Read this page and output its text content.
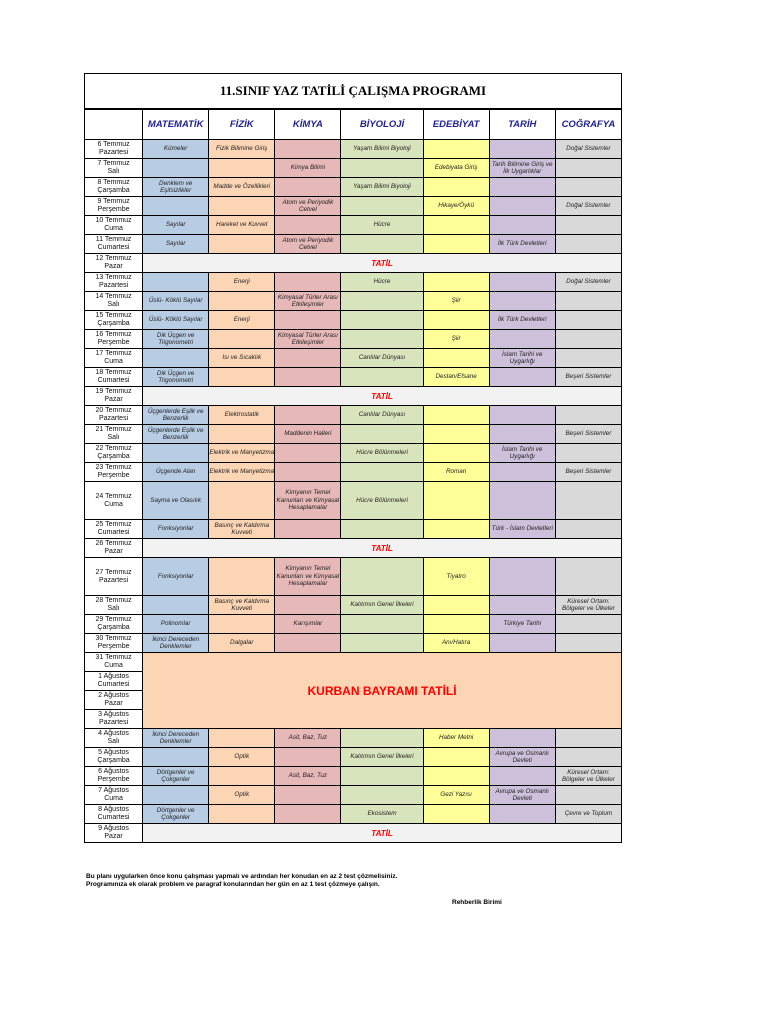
11.SINIF YAZ TATİLİ ÇALIŞMA PROGRAMI
	MATEMATİK	FİZİK	KİMYA	BİYOLOJİ	EDEBİYAT	TARİH	COĞRAFYA

6 Temmuz
Pazartesi	Kümeler	Fizik Bilimine Giriş		Yaşam Bilimi Biyoloji			Doğal Sistemler

7 Temmuz
Salı			Kimya Bilimi		Edebiyata Giriş	Tarih Bilimine Giriş ve İlk Uygarlıklar	

8 Temmuz
Çarşamba	Denklem ve Eşitsizlikler	Madde ve Özellikleri		Yaşam Bilimi Biyoloji			

9 Temmuz
Perşembe			Atom ve Periyodik Cetvel		Hikaye/Öykü		Doğal Sistemler

10 Temmuz
Cuma	Sayılar	Hareket ve Kuvvet		Hücre			

11 Temmuz
Cumartesi	Sayılar		Atom ve Periyodik Cetvel			İlk Türk Devletleri	

12 Temmuz
Pazar	TATİL						

13 Temmuz
Pazartesi		Enerji		Hücre			Doğal Sistemler

14 Temmuz
Salı	Üslü- Köklü Sayılar		Kimyasal Türler Arası Etkileşimler		Şiir		

15 Temmuz
Çarşamba	Üslü- Köklü Sayılar	Enerji				İlk Türk Devletleri	

16 Temmuz
Perşembe	Dik Üçgen ve Trigonometri		Kimyasal Türler Arası Etkileşimler		Şiir		

17 Temmuz
Cuma		Isı ve Sıcaklık		Canlılar Dünyası		İslam Tarihi ve Uygarlığı	

18 Temmuz
Cumartesi	Dik Üçgen ve Trigonometri				Destan/Efsane		Beşeri Sistemler

19 Temmuz
Pazar	TATİL						

20 Temmuz
Pazartesi	Üçgenlerde Eşlik ve Benzerlik	Elektrostatik		Canlılar Dünyası			

21 Temmuz
Salı	Üçgenlerde Eşlik ve Benzerlik		Maddenin Halleri				Beşeri Sistemler

22 Temmuz
Çarşamba		Elektrik ve Manyetizma		Hücre Bölünmeleri		İslam Tarihi ve Uygarlığı	

23 Temmuz
Perşembe	Üçgende Alan	Elektrik ve Manyetizma			Roman		Beşeri Sistemler

24 Temmuz
Cuma	Sayma ve Olasılık		Kimyanın Temel Kanunları ve Kimyasal Hesaplamalar	Hücre Bölünmeleri			

25 Temmuz
Cumartesi	Fonksiyonlar	Basınç ve Kaldırma Kuvveti				Türk - İslam Devletleri	

26 Temmuz
Pazar	TATİL						

27 Temmuz
Pazartesi	Fonksiyonlar		Kimyanın Temel Kanunları ve Kimyasal Hesaplamalar		Tiyatro		

28 Temmuz
Salı		Basınç ve Kaldırma Kuvveti		Kalıtımın Genel İlkeleri			Küresel Ortam: Bölgeler ve Ülkeler

29 Temmuz
Çarşamba	Polinomlar		Karışımlar			Türkiye Tarihi	

30 Temmuz
Perşembe	İkinci Dereceden Denklemler	Dalgalar			Anı/Hatıra		

31 Temmuz
Cuma	KURBAN BAYRAMI TATİLİ						

1 Ağustos
Cumartesi							

2 Ağustos
Pazar							

3 Ağustos
Pazartesi							

4 Ağustos
Salı	İkinci Dereceden Denklemler		Asit, Baz, Tuz		Haber Metni		

5 Ağustos
Çarşamba		Optik		Kalıtımın Genel İlkeleri		Avrupa ve Osmanlı Devleti	

6 Ağustos
Perşembe	Dörtgenler ve Çokgenler		Asit, Baz, Tuz				Küresel Ortam: Bölgeler ve Ülkeler

7 Ağustos
Cuma		Optik			Gezi Yazısı	Avrupa ve Osmanlı Devleti	

8 Ağustos
Cumartesi	Dörtgenler ve Çokgenler			Ekosistem			Çevre ve Toplum

9 Ağustos
Pazar	TATİL						
Bu planı uygularken önce konu çalışması yapmalı ve ardından her konudan en az 2 test çözmelisiniz.
Programınıza ek olarak problem ve paragraf konularından her gün en az 1 test çözmeye çalışın.
Rehberlik Birimi
